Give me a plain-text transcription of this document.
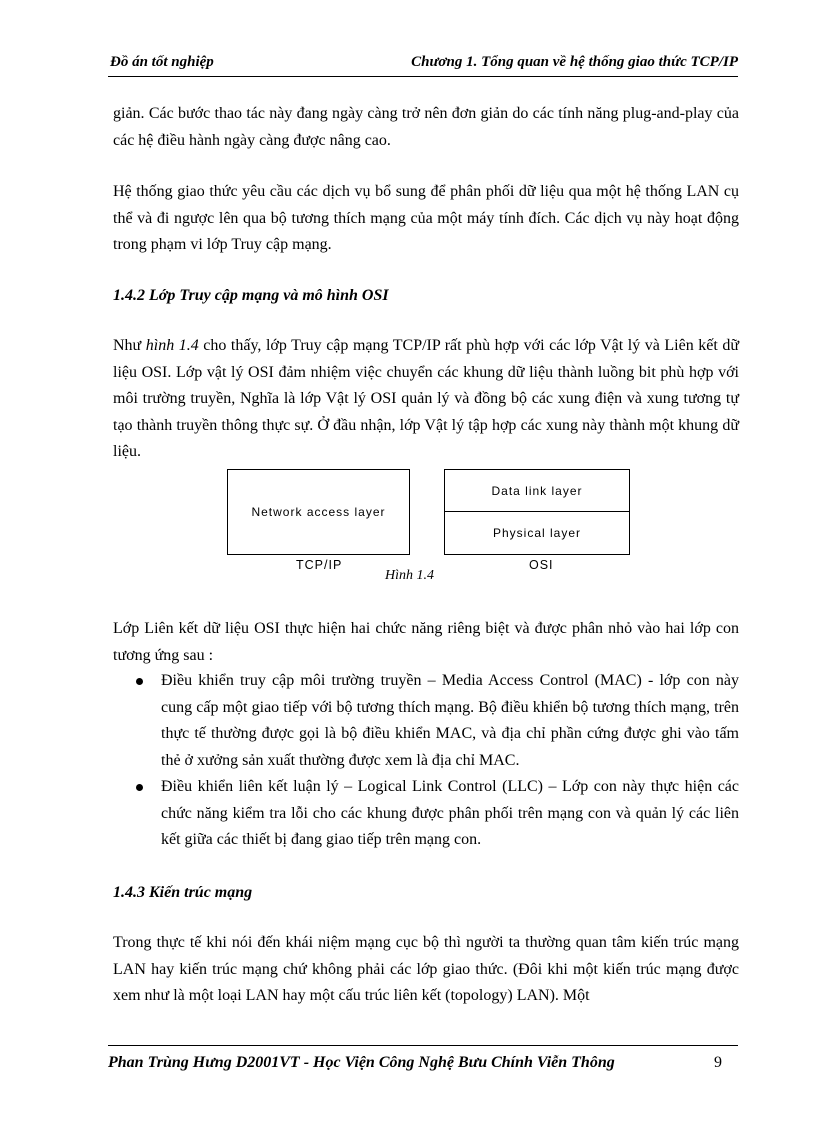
Đồ án tốt nghiệp	Chương 1. Tổng quan về hệ thống giao thức TCP/IP

giản. Các bước thao tác này đang ngày càng trở nên đơn giản do các tính năng plug-and-play của các hệ điều hành ngày càng được nâng cao.

Hệ thống giao thức yêu cầu các dịch vụ bổ sung để phân phối dữ liệu qua một hệ thống LAN cụ thể và đi ngược lên qua bộ tương thích mạng của một máy tính đích. Các dịch vụ này hoạt động trong phạm vi lớp Truy cập mạng.

1.4.2 Lớp Truy cập mạng và mô hình OSI

Như hình 1.4 cho thấy, lớp Truy cập mạng TCP/IP rất phù hợp với các lớp Vật lý và Liên kết dữ liệu OSI. Lớp vật lý OSI đảm nhiệm việc chuyển các khung dữ liệu thành luồng bit phù hợp với môi trường truyền, Nghĩa là lớp Vật lý OSI quản lý và đồng bộ các xung điện và xung tương tự tạo thành truyền thông thực sự. Ở đầu nhận, lớp Vật lý tập hợp các xung này thành một khung dữ liệu.

Network access layer
Data link layer
Physical layer
TCP/IP	OSI
Hình 1.4

Lớp Liên kết dữ liệu OSI thực hiện hai chức năng riêng biệt và được phân nhỏ vào hai lớp con tương ứng sau :

Điều khiển truy cập môi trường truyền – Media Access Control (MAC) - lớp con này cung cấp một giao tiếp với bộ tương thích mạng. Bộ điều khiển bộ tương thích mạng, trên thực tế thường được gọi là bộ điều khiển MAC, và địa chỉ phần cứng được ghi vào tấm thẻ ở xưởng sản xuất thường được xem là địa chỉ MAC.
Điều khiển liên kết luận lý – Logical Link Control (LLC) – Lớp con này thực hiện các chức năng kiểm tra lỗi cho các khung được phân phối trên mạng con và quản lý các liên kết giữa các thiết bị đang giao tiếp trên mạng con.

1.4.3 Kiến trúc mạng

Trong thực tế khi nói đến khái niệm mạng cục bộ thì người ta thường quan tâm kiến trúc mạng LAN hay kiến trúc mạng chứ không phải các lớp giao thức. (Đôi khi một kiến trúc mạng được xem như là một loại LAN hay một cấu trúc liên kết (topology) LAN). Một

Phan Trùng Hưng D2001VT - Học Viện Công Nghệ Bưu Chính Viễn Thông	9
